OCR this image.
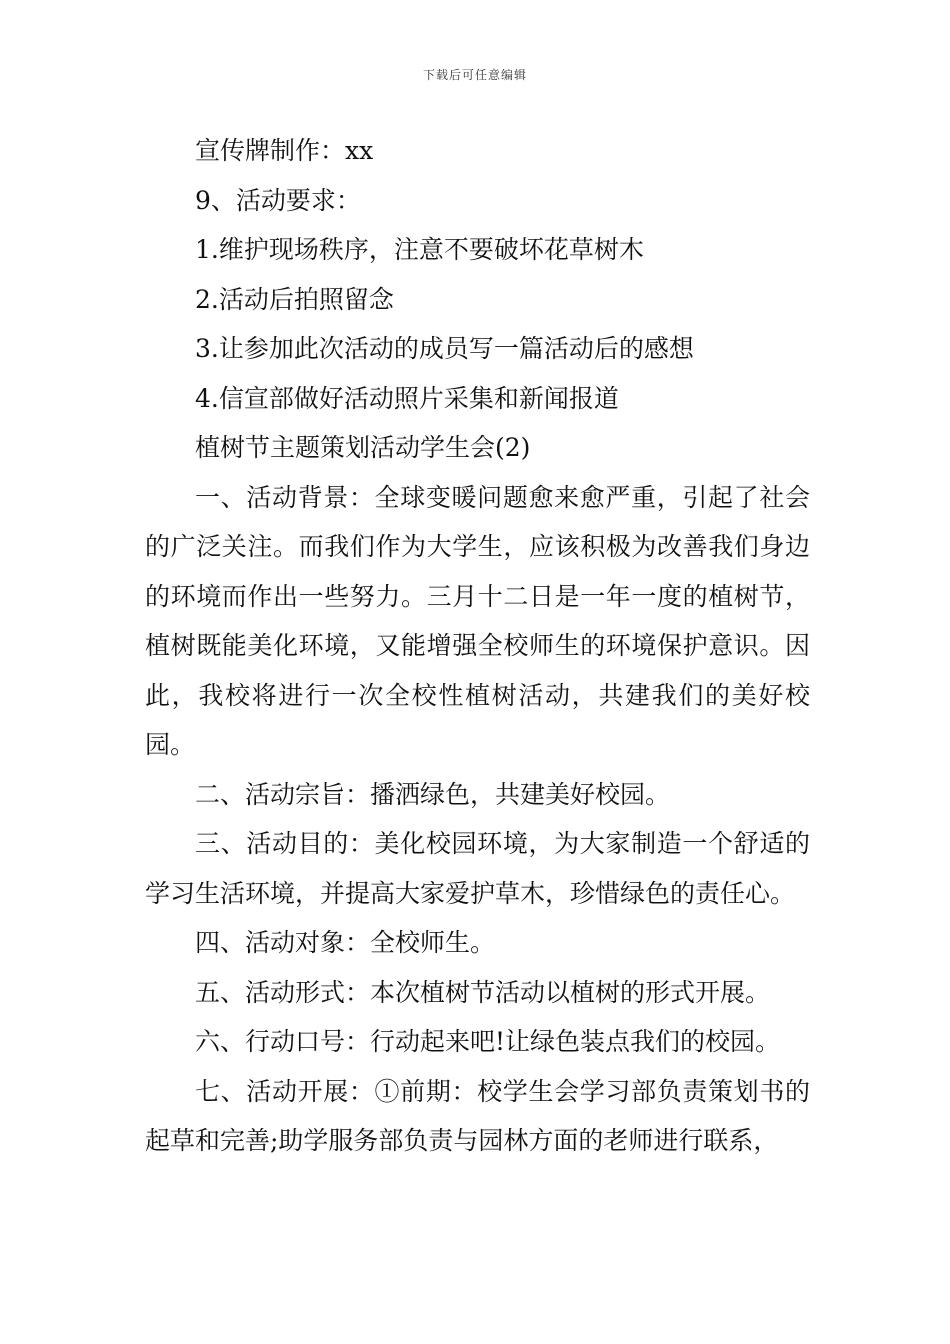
下载后可任意编辑

宣传牌制作：xx

9、活动要求：

1.维护现场秩序，注意不要破坏花草树木

2.活动后拍照留念

3.让参加此次活动的成员写一篇活动后的感想

4.信宣部做好活动照片采集和新闻报道

植树节主题策划活动学生会(2)

一、活动背景：全球变暖问题愈来愈严重，引起了社会的广泛关注。而我们作为大学生，应该积极为改善我们身边的环境而作出一些努力。三月十二日是一年一度的植树节，植树既能美化环境，又能增强全校师生的环境保护意识。因此，我校将进行一次全校性植树活动，共建我们的美好校园。

二、活动宗旨：播洒绿色，共建美好校园。

三、活动目的：美化校园环境，为大家制造一个舒适的学习生活环境，并提高大家爱护草木，珍惜绿色的责任心。

四、活动对象：全校师生。

五、活动形式：本次植树节活动以植树的形式开展。

六、行动口号：行动起来吧!让绿色装点我们的校园。

七、活动开展：①前期：校学生会学习部负责策划书的起草和完善;助学服务部负责与园林方面的老师进行联系，
